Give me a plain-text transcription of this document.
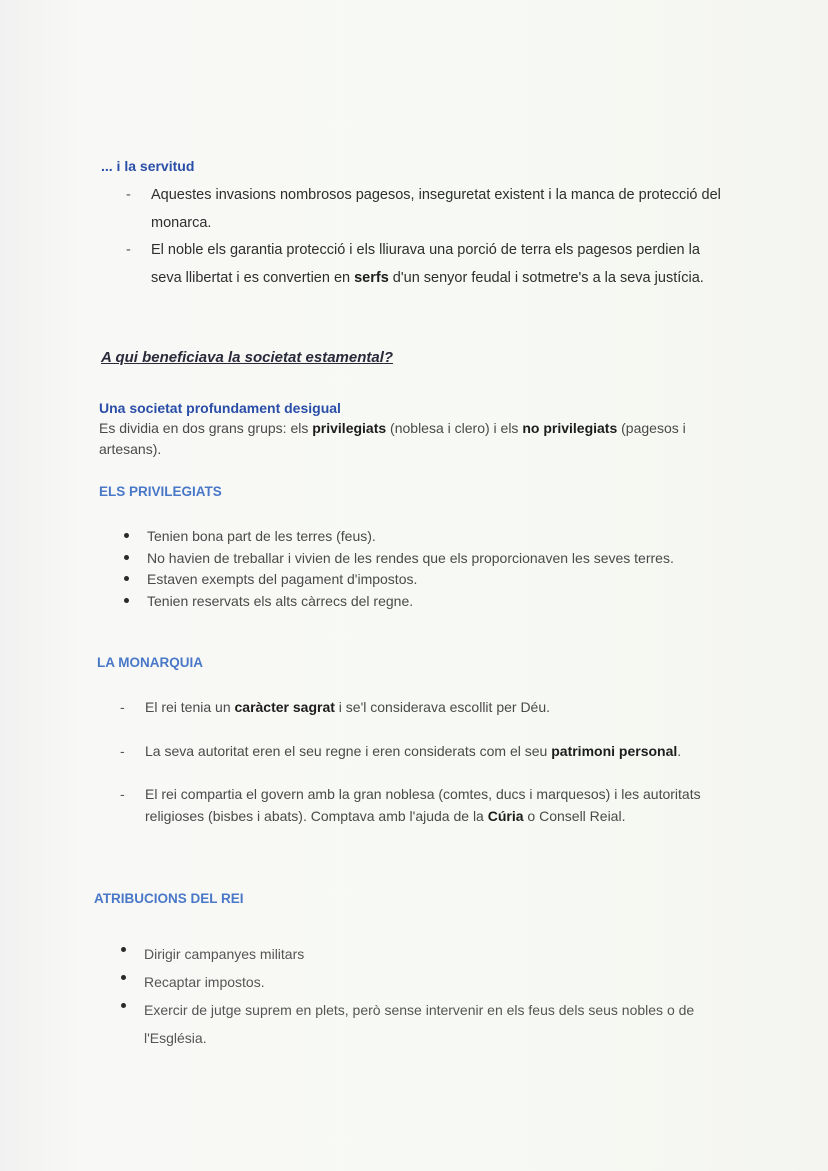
... i la servitud
- Aquestes invasions nombrosos pagesos, inseguretat existent i la manca de protecció del monarca.
- El noble els garantia protecció i els lliurava una porció de terra els pagesos perdien la seva llibertat i es convertien en serfs d'un senyor feudal i sotmetre's a la seva justícia.
A qui beneficiava la societat estamental?
Una societat profundament desigual
Es dividia en dos grans grups: els privilegiats (noblesa i clero) i els no privilegiats (pagesos i artesans).
ELS PRIVILEGIATS
Tenien bona part de les terres (feus).
No havien de treballar i vivien de les rendes que els proporcionaven les seves terres.
Estaven exempts del pagament d'impostos.
Tenien reservats els alts càrrecs del regne.
LA MONARQUIA
- El rei tenia un caràcter sagrat i se'l considerava escollit per Déu.
- La seva autoritat eren el seu regne i eren considerats com el seu patrimoni personal.
- El rei compartia el govern amb la gran noblesa (comtes, ducs i marquesos) i les autoritats religioses (bisbes i abats). Comptava amb l'ajuda de la Cúria o Consell Reial.
ATRIBUCIONS DEL REI
Dirigir campanyes militars
Recaptar impostos.
Exercir de jutge suprem en plets, però sense intervenir en els feus dels seus nobles o de l'Església.
